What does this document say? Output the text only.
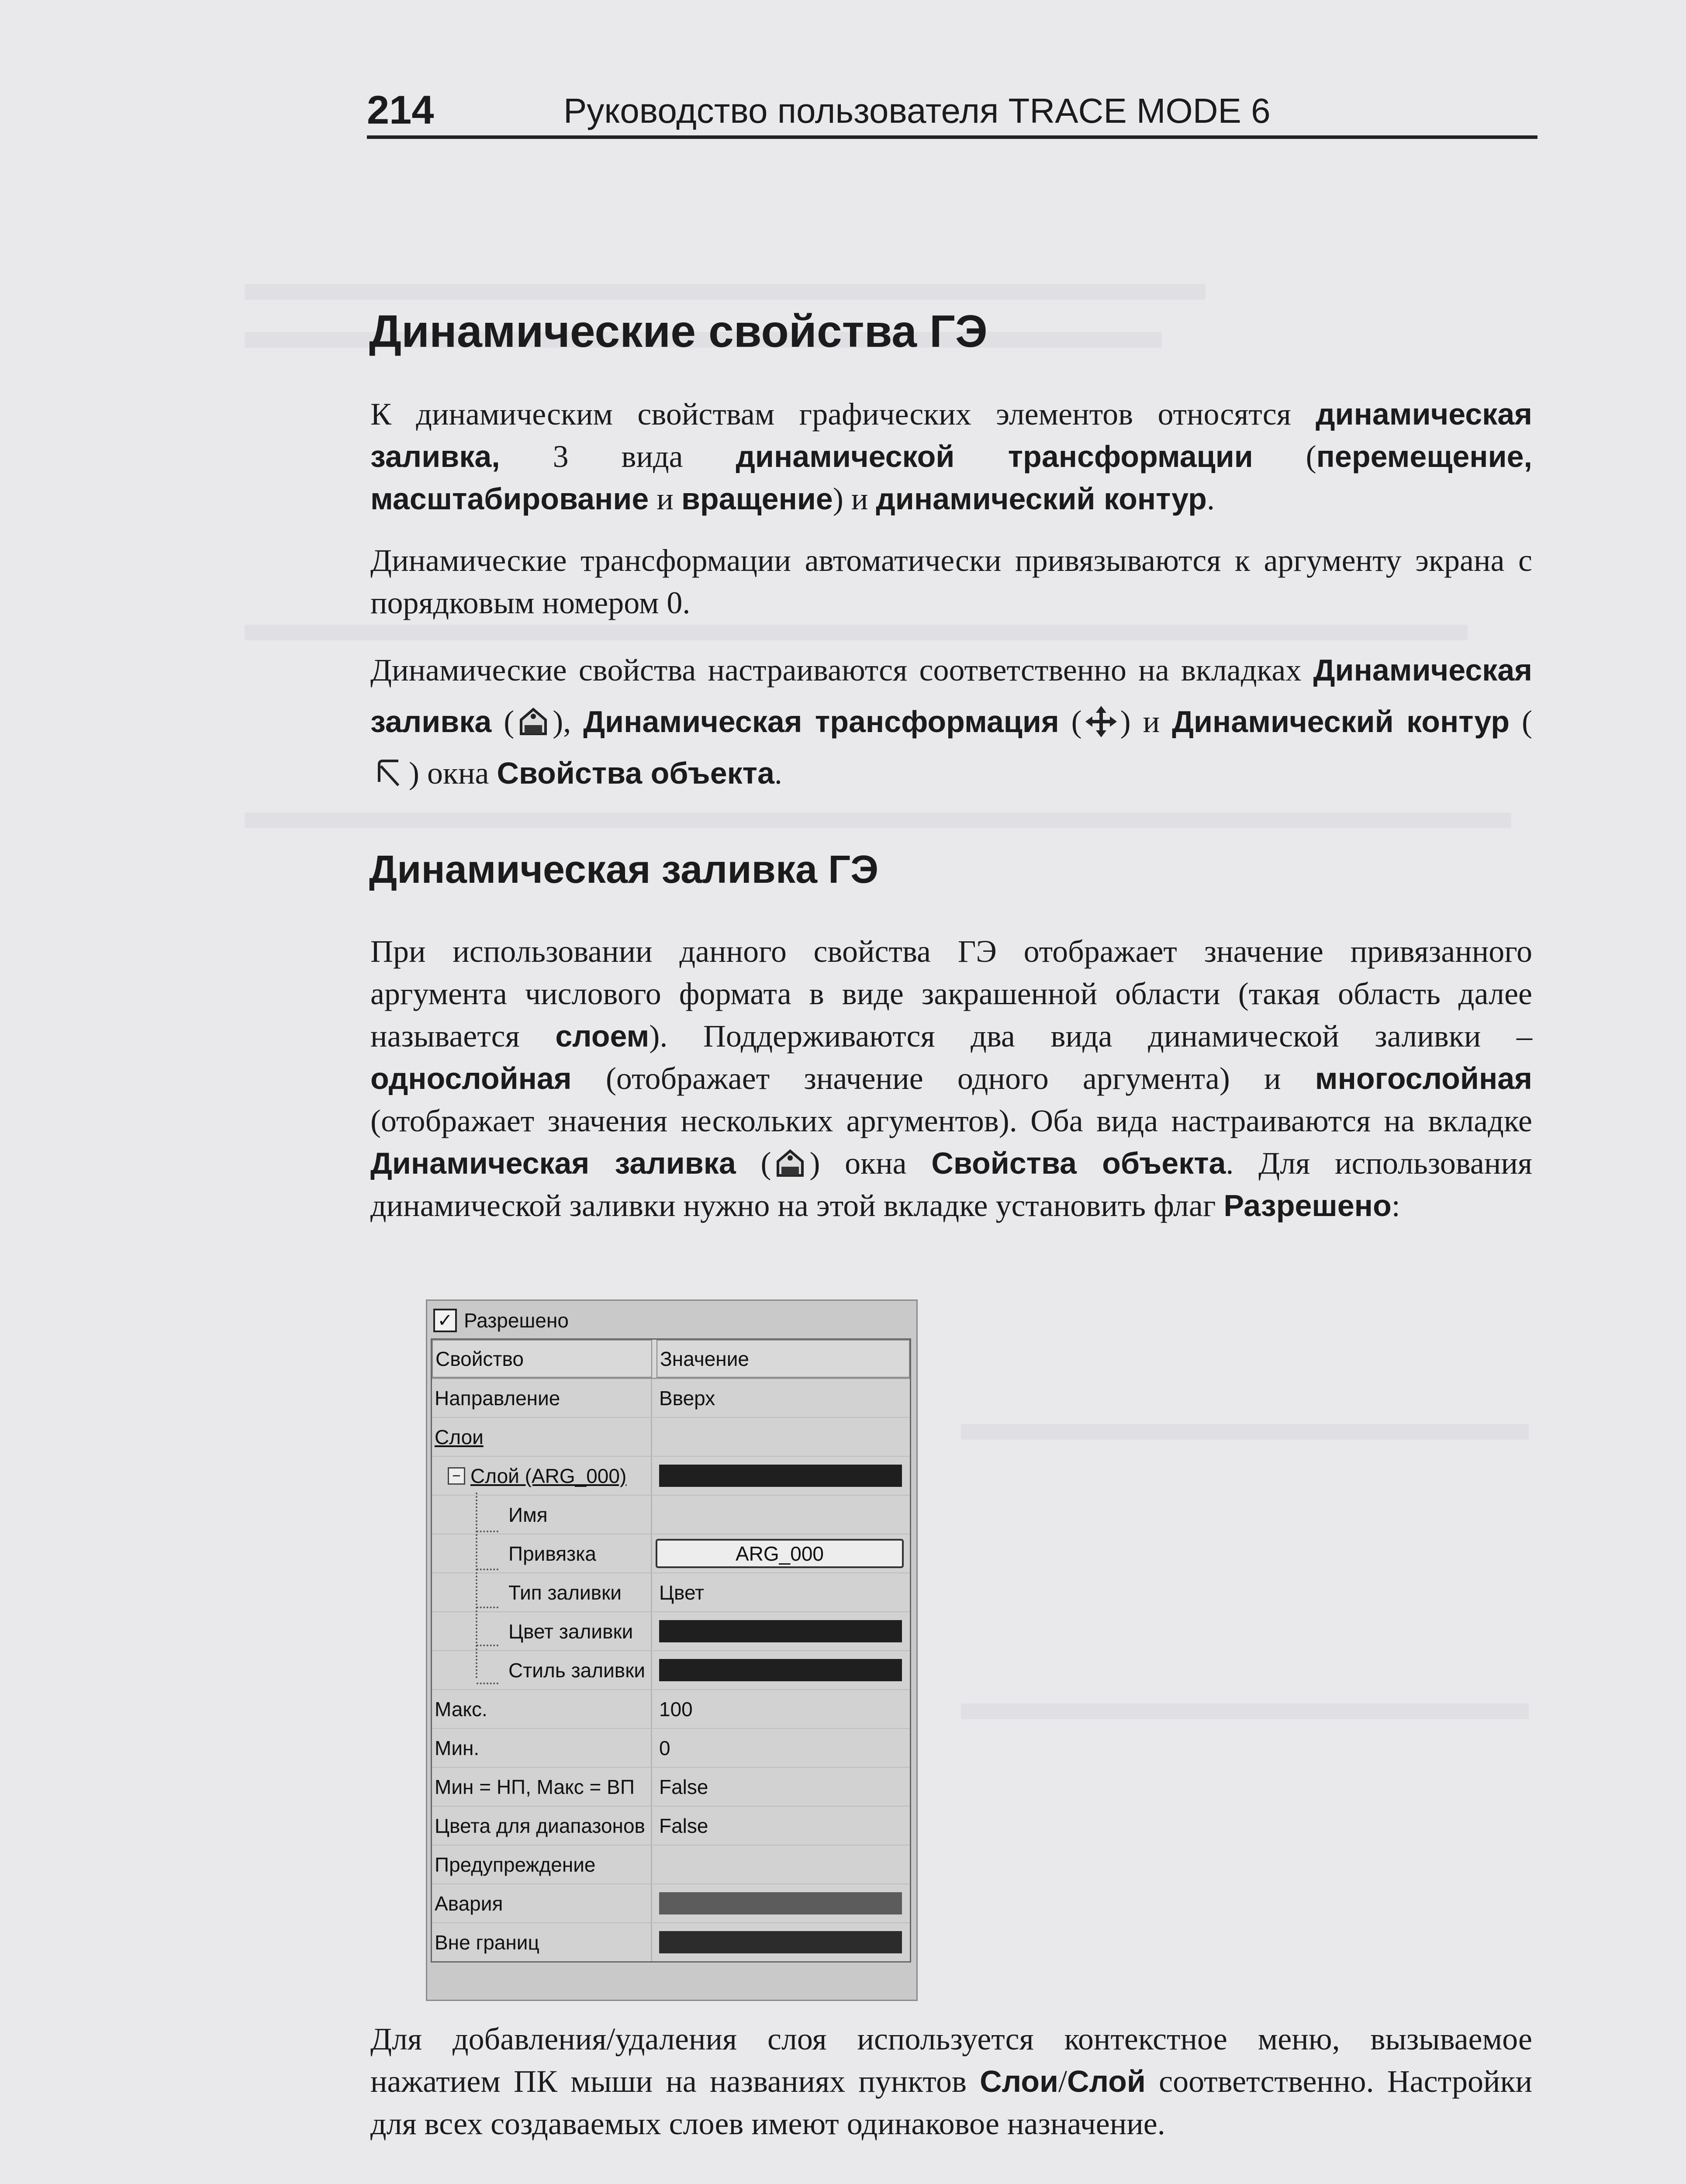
214	Руководство пользователя TRACE MODE 6
Динамические свойства ГЭ
К динамическим свойствам графических элементов относятся динамическая заливка, 3 вида динамической трансформации (перемещение, масштабирование и вращение) и динамический контур.
Динамические трансформации автоматически привязываются к аргументу экрана с порядковым номером 0.
Динамические свойства настраиваются соответственно на вкладках Динамическая заливка ( ), Динамическая трансформация ( ) и Динамический контур () окна Свойства объекта.
Динамическая заливка ГЭ
При использовании данного свойства ГЭ отображает значение привязанного аргумента числового формата в виде закрашенной области (такая область далее называется слоем). Поддерживаются два вида динамической заливки – однослойная (отображает значение одного аргумента) и многослойная (отображает значения нескольких аргументов). Оба вида настраиваются на вкладке Динамическая заливка ( ) окна Свойства объекта. Для использования динамической заливки нужно на этой вкладке установить флаг Разрешено:
✓ Разрешено
Свойство	Значение
Направление	Вверх
Слои
− Слой (ARG_000)
Имя
Привязка	ARG_000
Тип заливки	Цвет
Цвет заливки
Стиль заливки
Макс.	100
Мин.	0
Мин = НП, Макс = ВП	False
Цвета для диапазонов False
Предупреждение
Авария
Вне границ
Для добавления/удаления слоя используется контекстное меню, вызываемое нажатием ПК мыши на названиях пунктов Слои/Слой соответственно. Настройки для всех создаваемых слоев имеют одинаковое назначение.
